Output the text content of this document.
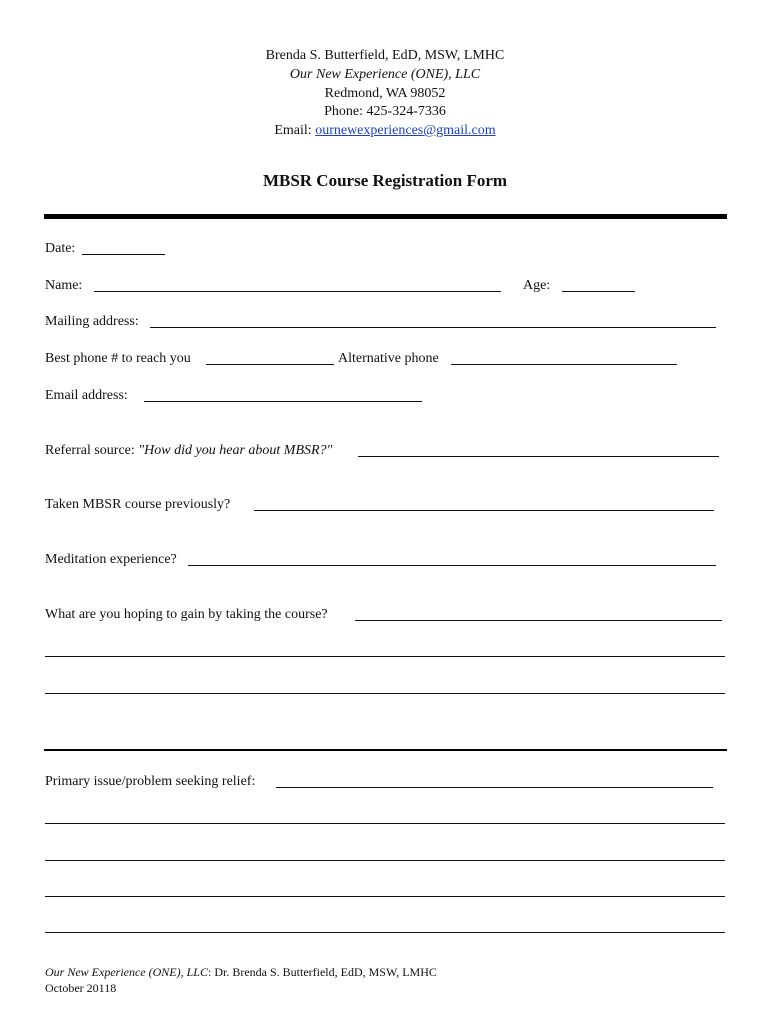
Brenda S. Butterfield, EdD, MSW, LMHC
Our New Experience (ONE), LLC
Redmond, WA 98052
Phone: 425-324-7336
Email: ournewexperiences@gmail.com
MBSR Course Registration Form
Date:
Name:	Age:
Mailing address:
Best phone # to reach you	Alternative phone
Email address:
Referral source: "How did you hear about MBSR?"
Taken MBSR course previously?
Meditation experience?
What are you hoping to gain by taking the course?
Primary issue/problem seeking relief:
Our New Experience (ONE), LLC: Dr. Brenda S. Butterfield, EdD, MSW, LMHC
October 20118
